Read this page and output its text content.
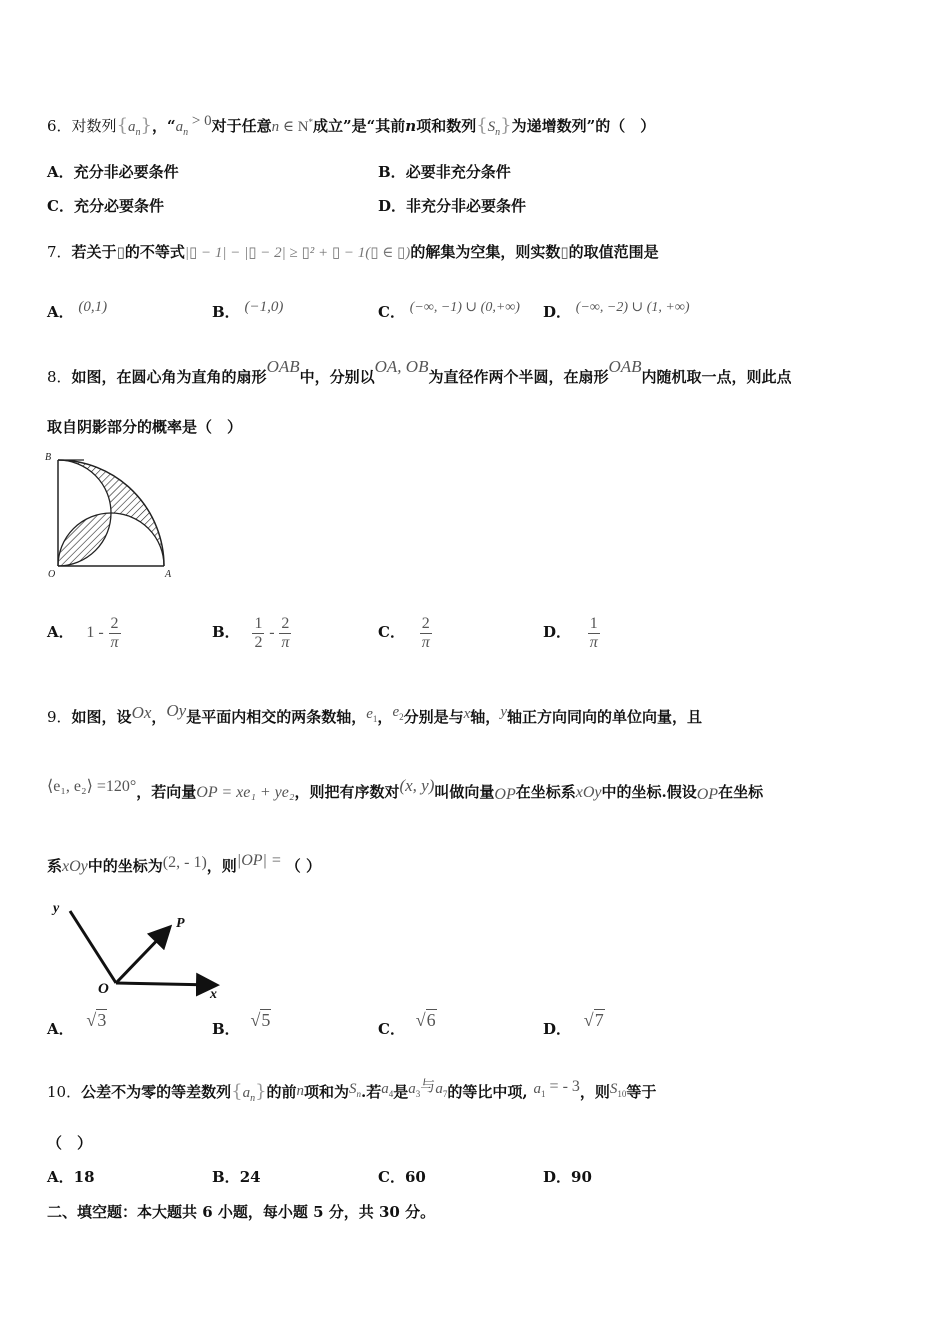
6．对数列$\{a_n\}$，“$a_n > 0$对于任意n ∈ N*成立”是“其前n项和数列$\{S_n\}$为递增数列”的（　）
A．充分非必要条件	B．必要非充分条件
C．充分必要条件	D．非充分非必要条件
7．若关于▯的不等式|▯ − 1| − |▯ − 2| ≥ ▯² + ▯ − 1(▯ ∈ ▯)的解集为空集，则实数▯的取值范围是
A． (0,1)	B． (−1,0)	C． (−∞, −1) ∪ (0,+∞) D． (−∞, −2) ∪ (1, +∞)
8．如图，在圆心角为直角的扇形OAB中，分别以OA, OB为直径作两个半圆，在扇形OAB内随机取一点，则此点
取自阴影部分的概率是（　）
B
O	A
A． $1 - \frac{2}{\pi}$	B． $\frac{1}{2} - \frac{2}{\pi}$	C． $\frac{2}{\pi}$	D． $\frac{1}{\pi}$
9．如图，设Ox，Oy是平面内相交的两条数轴，$e_1$，$e_2$分别是与x轴，y轴正方向同向的单位向量，且
⟨e₁, e₂⟩ =120°，若向量OP = xe₁ + ye₂，则把有序数对(x, y)叫做向量OP在坐标系xOy中的坐标.假设OP在坐标
系xOy中的坐标为(2, - 1)，则|OP| = （ ）
y
P
O	x
A． √3	B． √5	C． √6	D． √7
10．公差不为零的等差数列$\{a_n\}$的前n项和为$S_n$.若$a_4$是$a_3$与$a_7$的等比中项, $a_1$ = - 3，则$S_{10}$等于
（　）
A．18	B．24	C．60	D．90
二、填空题：本大题共 6 小题，每小题 5 分，共 30 分。
